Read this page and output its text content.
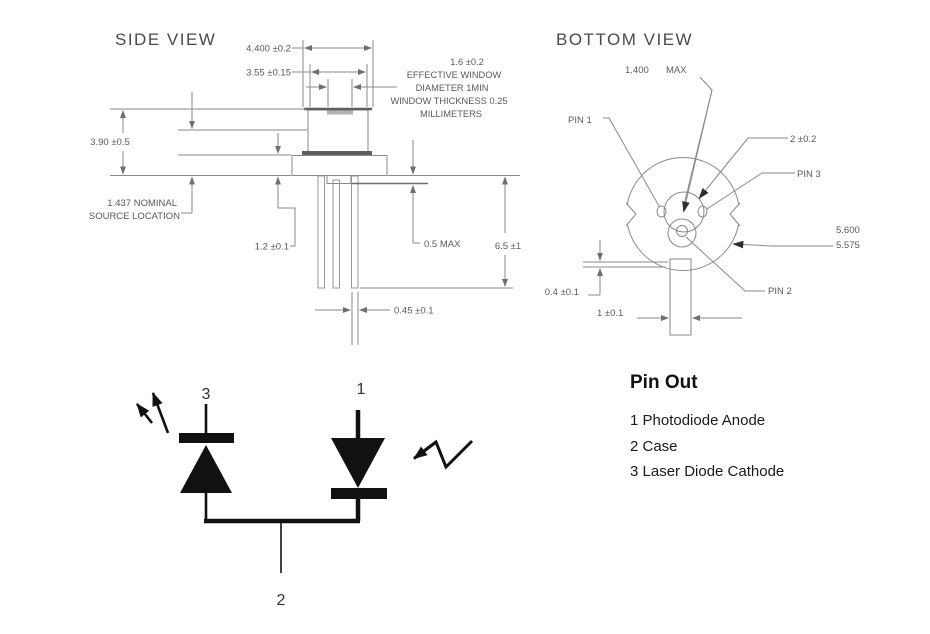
SIDE VIEW	4.400 ±0.2
3.55 ±0.15
1.6 ±0.2
EFFECTIVE WINDOW
DIAMETER 1MIN
WINDOW THICKNESS 0.25
MILLIMETERS
3.90 ±0.5
1.437 NOMINAL
SOURCE LOCATION
1.2 ±0.1	0.5 MAX	6.5 ±1
0.45 ±0.1
BOTTOM VIEW
1.400 MAX
PIN 1
2 ±0.2
PIN 3
5.600
5.575
PIN 2
0.4 ±0.1
1 ±0.1
3	1
2
Pin Out
1 Photodiode Anode
2 Case
3 Laser Diode Cathode
